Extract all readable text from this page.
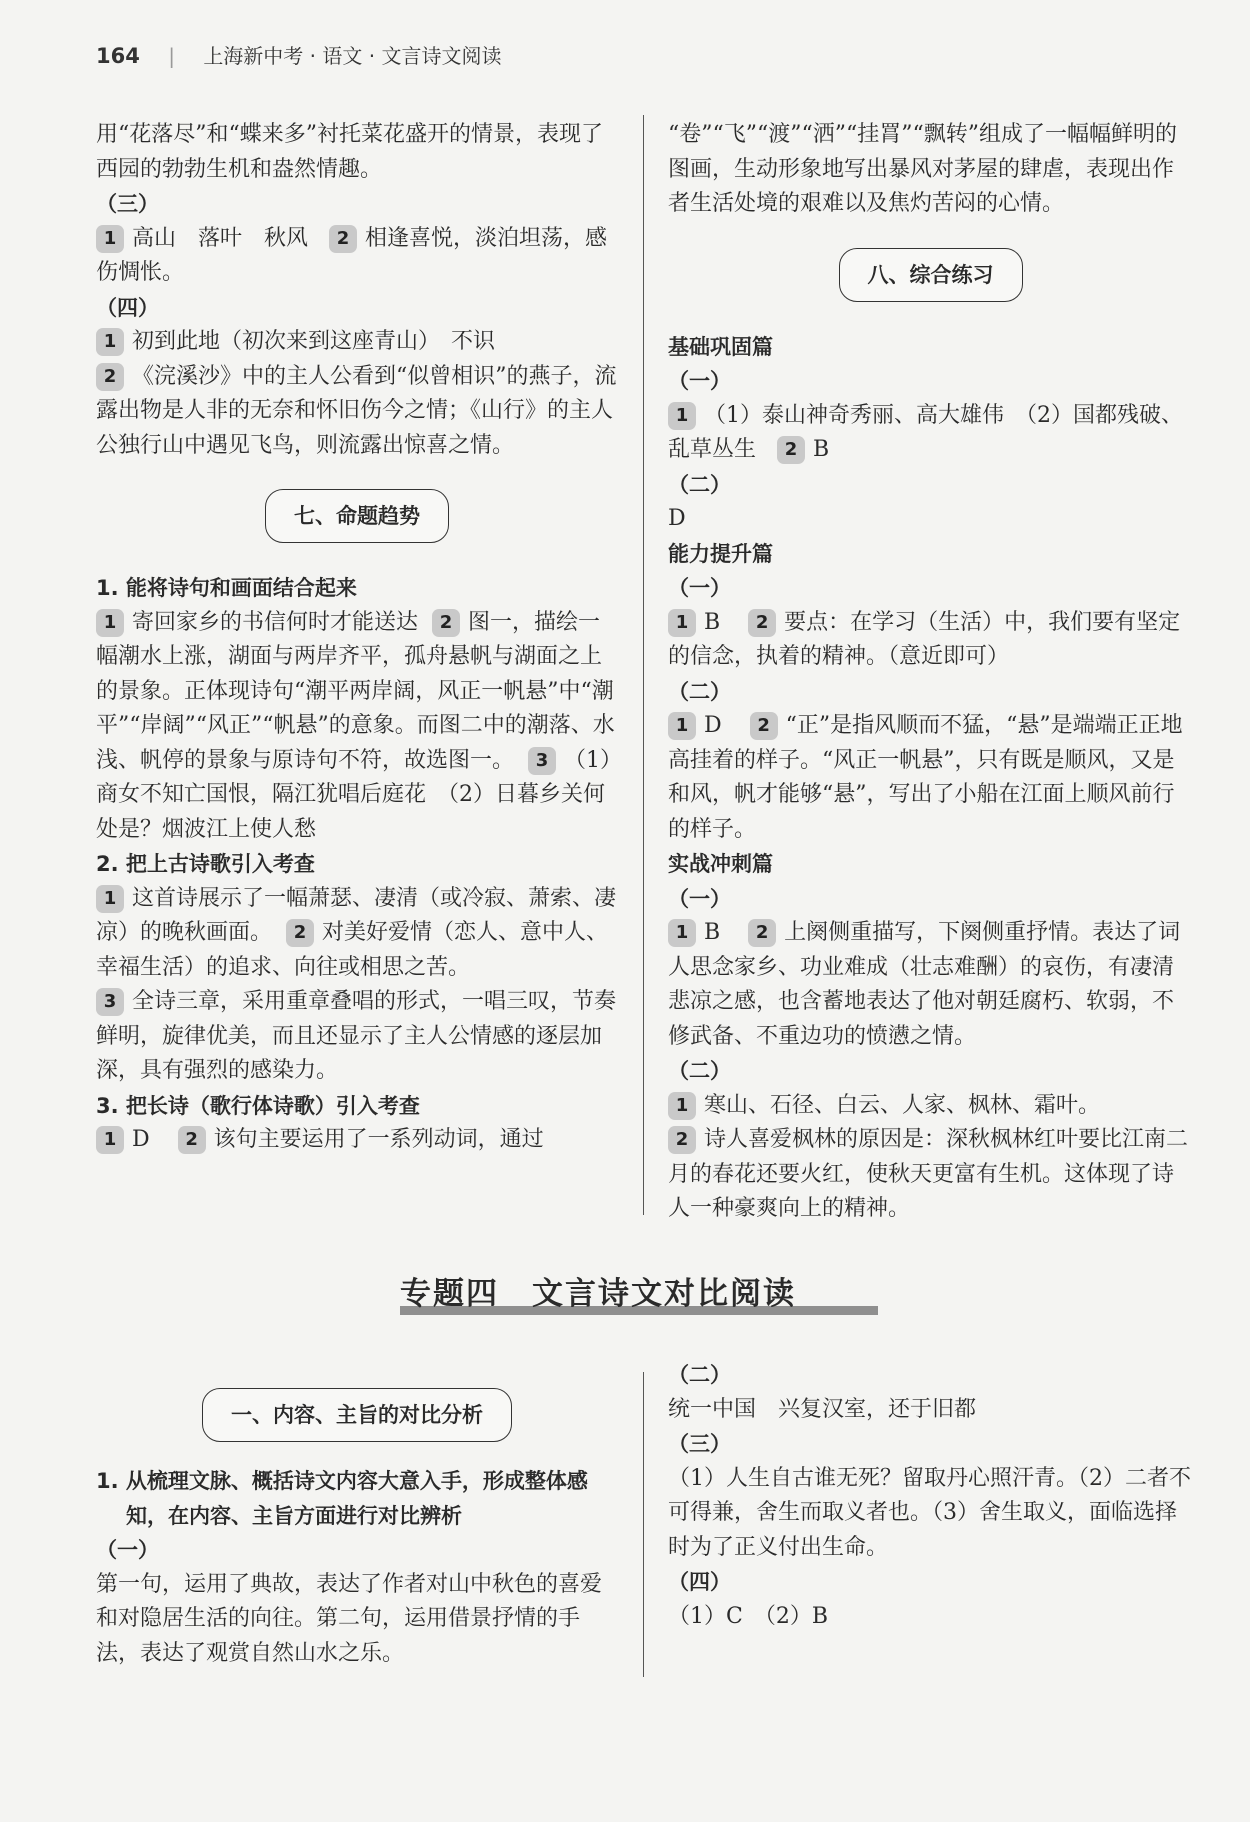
164 | 上海新中考 · 语文 · 文言诗文阅读

用“花落尽”和“蝶来多”衬托菜花盛开的情景，表现了西园的勃勃生机和盎然情趣。

（三）

1 高山　落叶　秋风 2 相逢喜悦，淡泊坦荡，感伤惆怅。

（四）

1 初到此地（初次来到这座青山）　不识

2 《浣溪沙》中的主人公看到“似曾相识”的燕子，流露出物是人非的无奈和怀旧伤今之情；《山行》的主人公独行山中遇见飞鸟，则流露出惊喜之情。

七、命题趋势

1. 能将诗句和画面结合起来

1 寄回家乡的书信何时才能送达 2 图一，描绘一幅潮水上涨，湖面与两岸齐平，孤舟悬帆与湖面之上的景象。正体现诗句“潮平两岸阔，风正一帆悬”中“潮平”“岸阔”“风正”“帆悬”的意象。而图二中的潮落、水浅、帆停的景象与原诗句不符，故选图一。 3 （1）商女不知亡国恨，隔江犹唱后庭花　（2）日暮乡关何处是？烟波江上使人愁

2. 把上古诗歌引入考查

1 这首诗展示了一幅萧瑟、凄清（或冷寂、萧索、凄凉）的晚秋画面。 2 对美好爱情（恋人、意中人、幸福生活）的追求、向往或相思之苦。

3 全诗三章，采用重章叠唱的形式，一唱三叹，节奏鲜明，旋律优美，而且还显示了主人公情感的逐层加深，具有强烈的感染力。

3. 把长诗（歌行体诗歌）引入考查

1 D 2 该句主要运用了一系列动词，通过

“卷”“飞”“渡”“洒”“挂罥”“飘转”组成了一幅幅鲜明的图画，生动形象地写出暴风对茅屋的肆虐，表现出作者生活处境的艰难以及焦灼苦闷的心情。

八、综合练习

基础巩固篇

（一）

1 （1）泰山神奇秀丽、高大雄伟　（2）国都残破、乱草丛生 2 B

（二）

D

能力提升篇

（一）

1 B 2 要点：在学习（生活）中，我们要有坚定的信念，执着的精神。（意近即可）

（二）

1 D 2 “正”是指风顺而不猛，“悬”是端端正正地高挂着的样子。“风正一帆悬”，只有既是顺风，又是和风，帆才能够“悬”，写出了小船在江面上顺风前行的样子。

实战冲刺篇

（一）

1 B 2 上阕侧重描写，下阕侧重抒情。表达了词人思念家乡、功业难成（壮志难酬）的哀伤，有凄清悲凉之感，也含蓄地表达了他对朝廷腐朽、软弱，不修武备、不重边功的愤懑之情。

（二）

1 寒山、石径、白云、人家、枫林、霜叶。

2 诗人喜爱枫林的原因是：深秋枫林红叶要比江南二月的春花还要火红，使秋天更富有生机。这体现了诗人一种豪爽向上的精神。

专题四　文言诗文对比阅读
一、内容、主旨的对比分析

1. 从梳理文脉、概括诗文内容大意入手，形成整体感知，在内容、主旨方面进行对比辨析

（一）

第一句，运用了典故，表达了作者对山中秋色的喜爱和对隐居生活的向往。第二句，运用借景抒情的手法，表达了观赏自然山水之乐。

（二）

统一中国　兴复汉室，还于旧都

（三）

（1）人生自古谁无死？留取丹心照汗青。（2）二者不可得兼，舍生而取义者也。（3）舍生取义，面临选择时为了正义付出生命。

（四）

（1）C　（2）B
